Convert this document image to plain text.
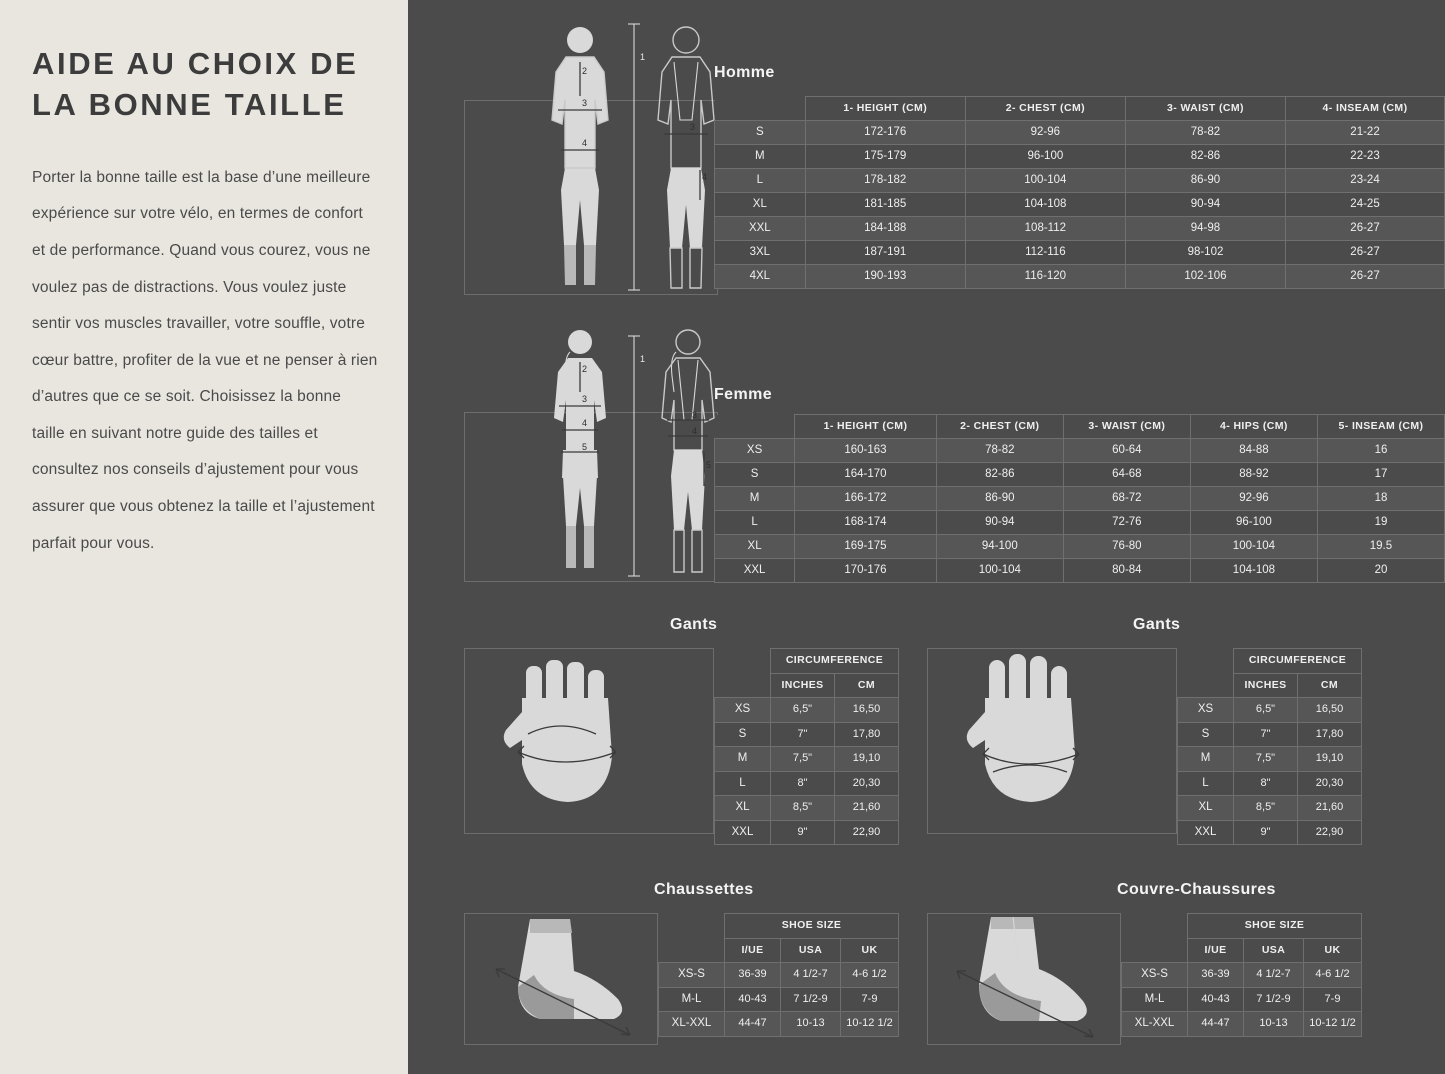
AIDE AU CHOIX DE LA BONNE TAILLE

Porter la bonne taille est la base d’une meilleure expérience sur votre vélo, en termes de confort et de performance. Quand vous courez, vous ne voulez pas de distractions. Vous voulez juste sentir vos muscles travailler, votre souffle, votre cœur battre, profiter de la vue et ne penser à rien d’autres que ce se soit. Choisissez la bonne taille en suivant notre guide des tailles et consultez nos conseils d’ajustement pour vous assurer que vous obtenez la taille et l’ajustement parfait pour vous.

2
3
4
1
3
4
Homme
	1- HEIGHT (CM)	2- CHEST (CM)	3- WAIST (CM)	4- INSEAM (CM)
S	172-176	92-96	78-82	21-22
M	175-179	96-100	82-86	22-23
L	178-182	100-104	86-90	23-24
XL	181-185	104-108	90-94	24-25
XXL	184-188	108-112	94-98	26-27
3XL	187-191	112-116	98-102	26-27
4XL	190-193	116-120	102-106	26-27
2
3
4
5
1
3
4
5
Femme
	1- HEIGHT (CM)	2- CHEST (CM)	3- WAIST (CM)	4- HIPS (CM)	5- INSEAM (CM)
XS	160-163	78-82	60-64	84-88	16
S	164-170	82-86	64-68	88-92	17
M	166-172	86-90	68-72	92-96	18
L	168-174	90-94	72-76	96-100	19
XL	169-175	94-100	76-80	100-104	19.5
XXL	170-176	100-104	80-84	104-108	20
Gants
	CIRCUMFERENCE	
	INCHES	CM
XS	6,5"	16,50
S	7"	17,80
M	7,5"	19,10
L	8"	20,30
XL	8,5"	21,60
XXL	9"	22,90
Gants
	CIRCUMFERENCE	
	INCHES	CM
XS	6,5"	16,50
S	7"	17,80
M	7,5"	19,10
L	8"	20,30
XL	8,5"	21,60
XXL	9"	22,90
Chaussettes
	SHOE SIZE		
	I/UE	USA	UK
XS-S	36-39	4 1/2-7	4-6 1/2
M-L	40-43	7 1/2-9	7-9
XL-XXL	44-47	10-13	10-12 1/2
Couvre-Chaussures
	SHOE SIZE		
	I/UE	USA	UK
XS-S	36-39	4 1/2-7	4-6 1/2
M-L	40-43	7 1/2-9	7-9
XL-XXL	44-47	10-13	10-12 1/2
